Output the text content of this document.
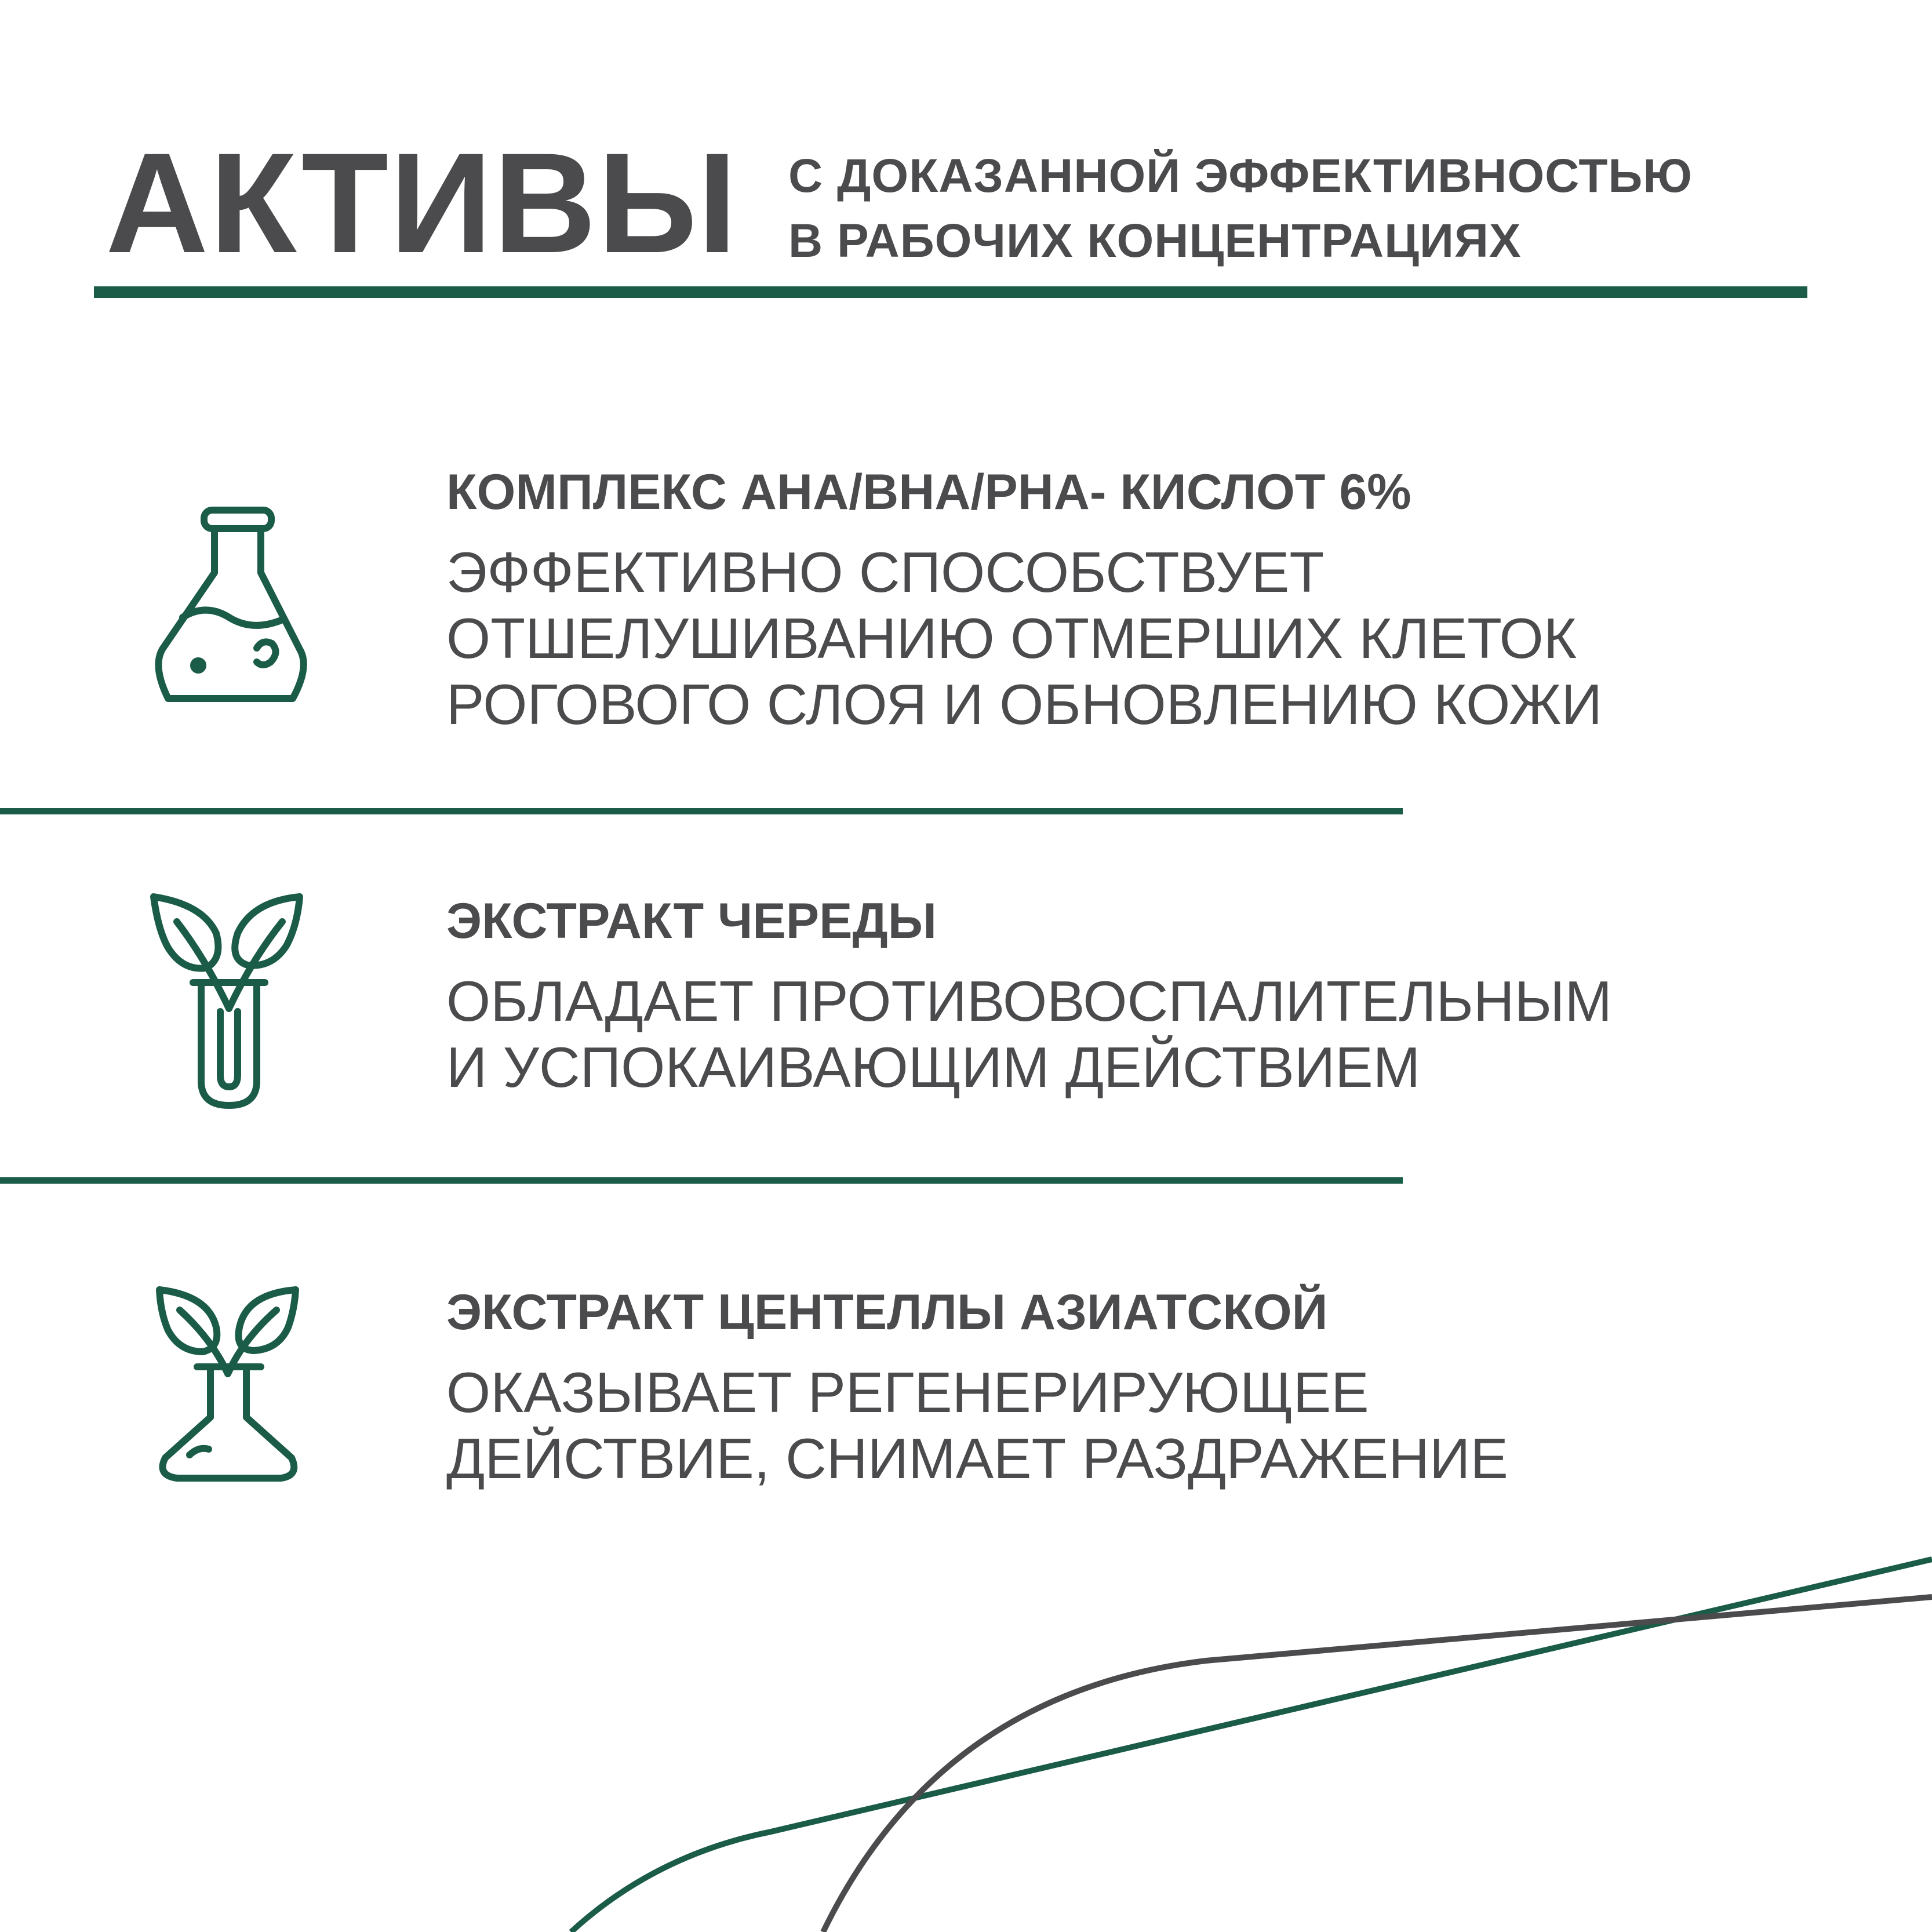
АКТИВЫ С ДОКАЗАННОЙ ЭФФЕКТИВНОСТЬЮ
В РАБОЧИХ КОНЦЕНТРАЦИЯХ
КОМПЛЕКС AHA/BHA/PHA- КИСЛОТ 6%
ЭФФЕКТИВНО СПОСОБСТВУЕТ
ОТШЕЛУШИВАНИЮ ОТМЕРШИХ КЛЕТОК
РОГОВОГО СЛОЯ И ОБНОВЛЕНИЮ КОЖИ
ЭКСТРАКТ ЧЕРЕДЫ
ОБЛАДАЕТ ПРОТИВОВОСПАЛИТЕЛЬНЫМ
И УСПОКАИВАЮЩИМ ДЕЙСТВИЕМ
ЭКСТРАКТ ЦЕНТЕЛЛЫ АЗИАТСКОЙ
ОКАЗЫВАЕТ РЕГЕНЕРИРУЮЩЕЕ
ДЕЙСТВИЕ, СНИМАЕТ РАЗДРАЖЕНИЕ
